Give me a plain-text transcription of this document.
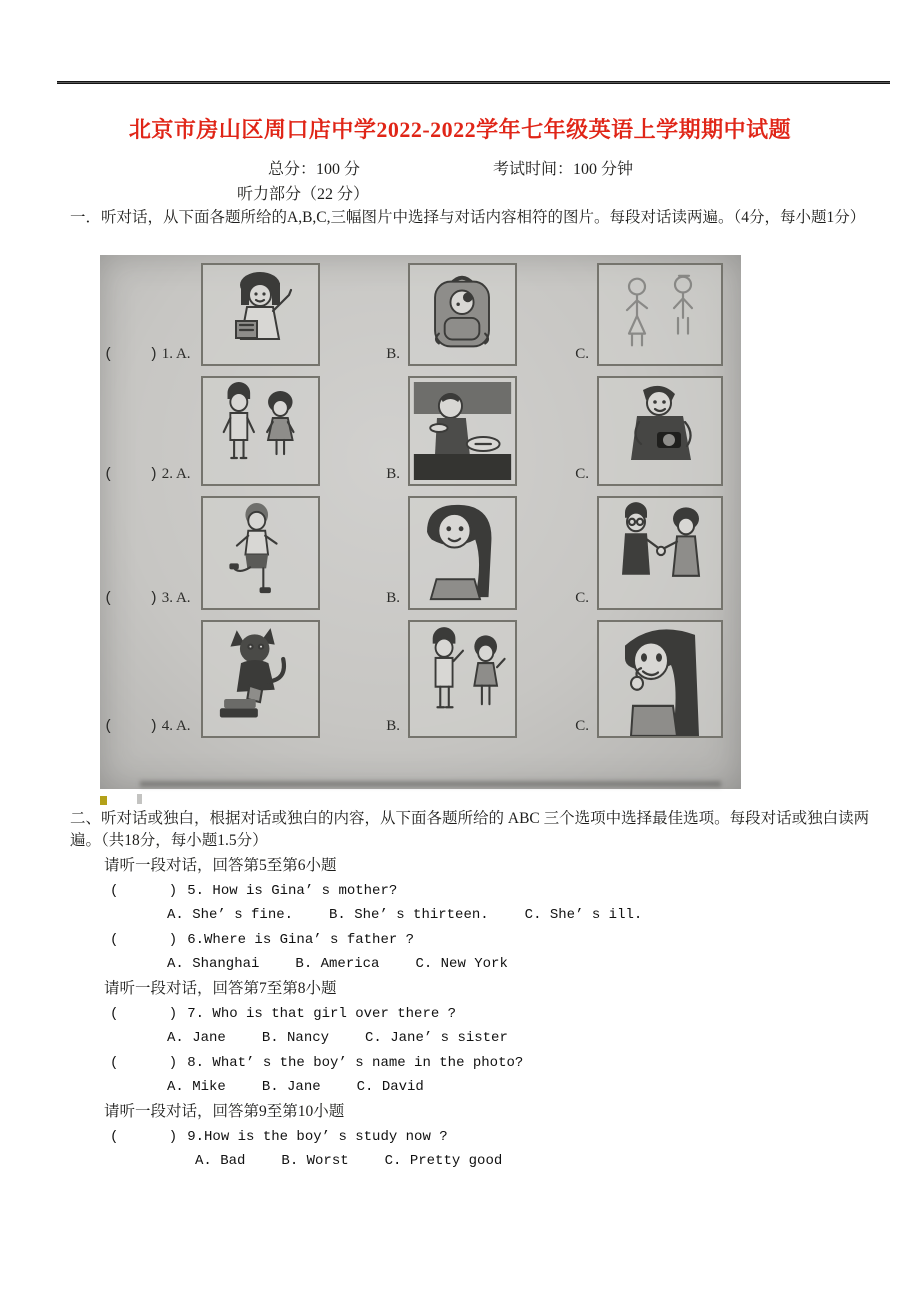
北京市房山区周口店中学2022-2022学年七年级英语上学期期中试题
总分：100 分	考试时间：100 分钟
听力部分（22 分）
一．听对话，从下面各题所给的A,B,C,三幅图片中选择与对话内容相符的图片。每段对话读两遍。（4分，每小题1分）
(    ) 1. A.	B.	C.
(    ) 2. A.	B.	C.
(    ) 3. A.	B.	C.
(    ) 4. A.	B.	C.
二、听对话或独白，根据对话或独白的内容，从下面各题所给的 ABC 三个选项中选择最佳选项。每段对话或独白读两遍。（共18分，每小题1.5分）
请听一段对话，回答第5至第6小题
(      ) 5. How is Gina’ s mother?
A. She’ s fine.	B. She’ s thirteen.	C. She’ s ill.
(      ) 6.Where is Gina’ s father ?
A. Shanghai	B. America	C. New York
请听一段对话，回答第7至第8小题
(      ) 7. Who is that girl over there ?
A. Jane	B. Nancy	C. Jane’ s sister
(      ) 8. What’ s the boy’ s name in the photo?
A. Mike	B. Jane	C. David
请听一段对话，回答第9至第10小题
(      ) 9.How is the boy’ s study now ?
A. Bad	B. Worst	C. Pretty good
